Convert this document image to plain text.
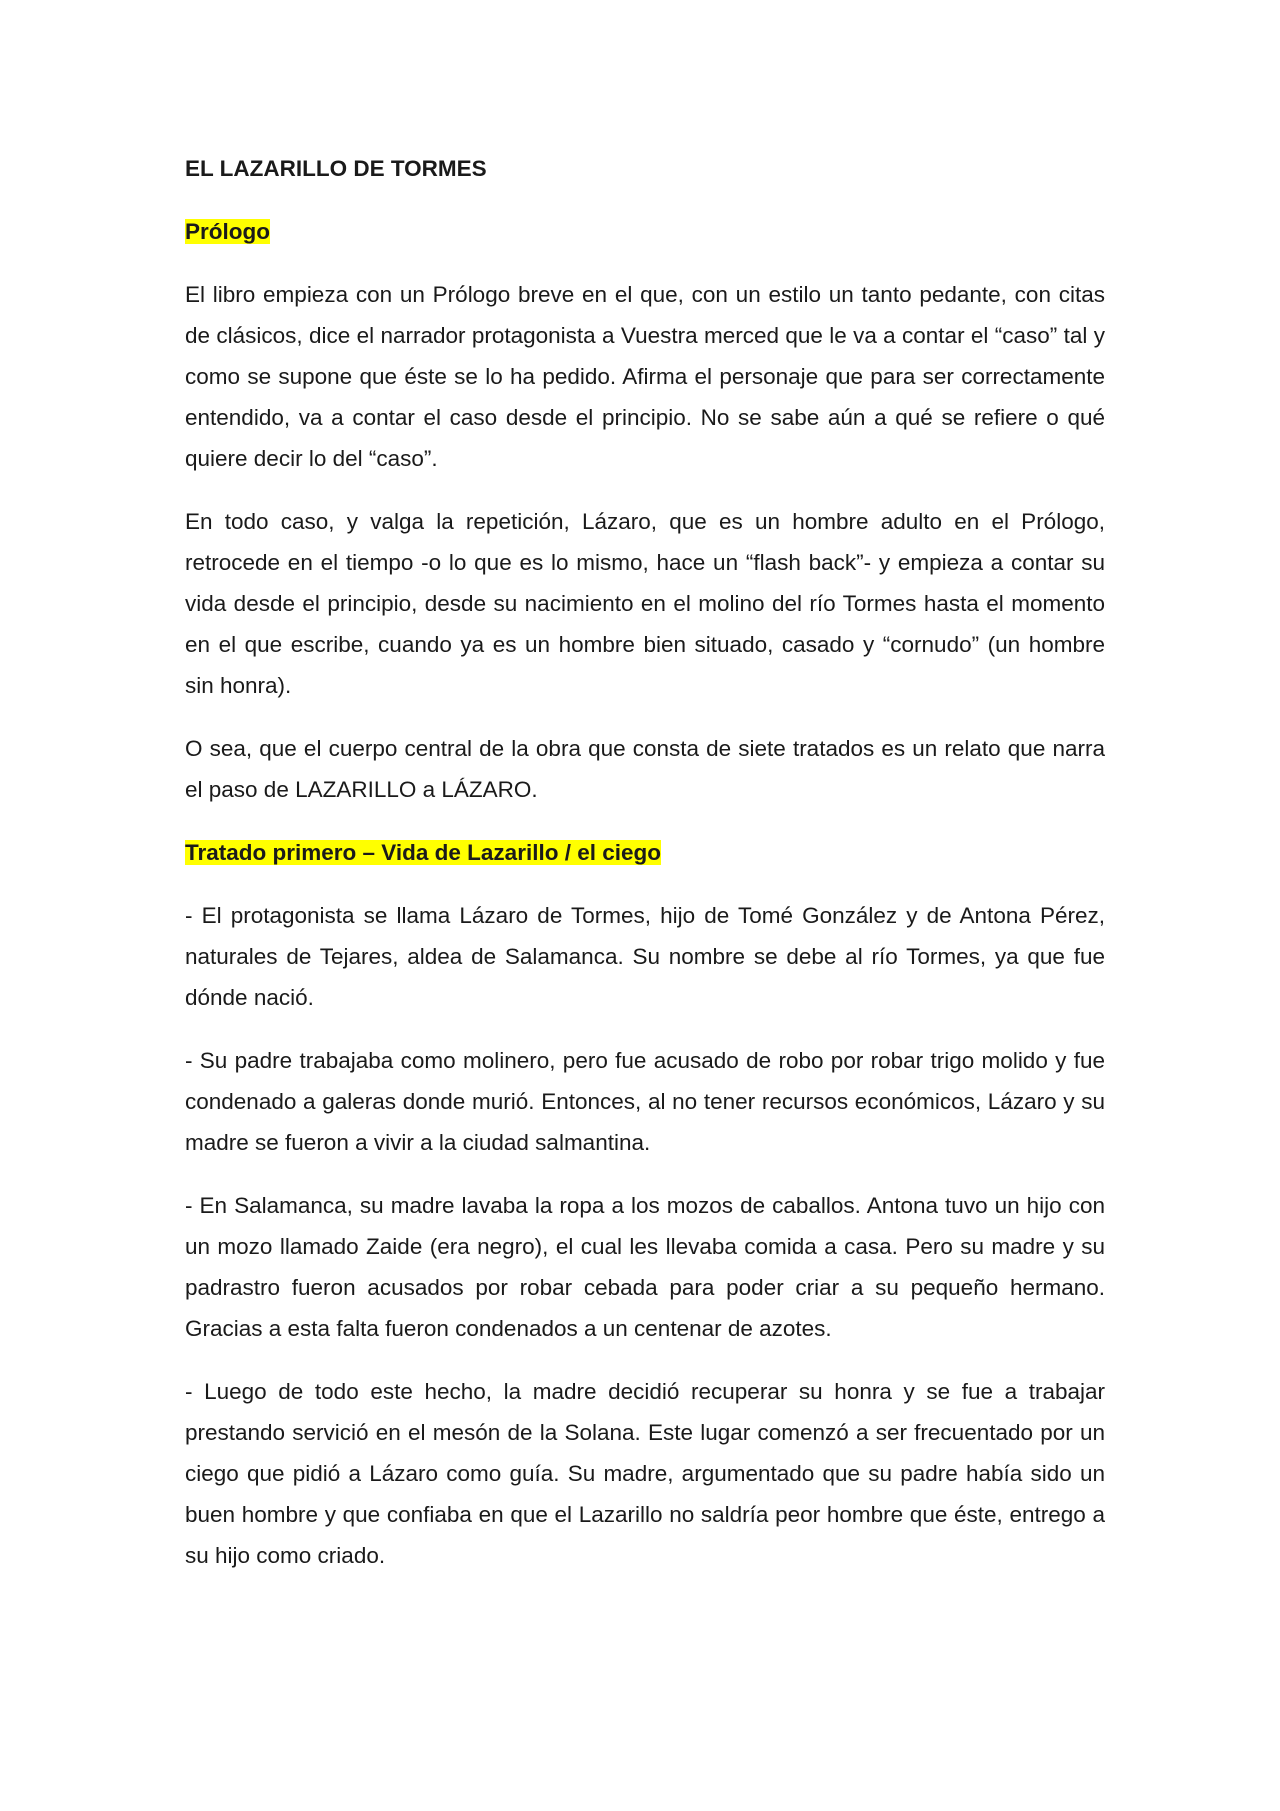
EL LAZARILLO DE TORMES
Prólogo

El libro empieza con un Prólogo breve en el que, con un estilo un tanto pedante, con citas de clásicos, dice el narrador protagonista a Vuestra merced que le va a contar el “caso” tal y como se supone que éste se lo ha pedido. Afirma el personaje que para ser correctamente entendido, va a contar el caso desde el principio. No se sabe aún a qué se refiere o qué quiere decir lo del “caso”.

En todo caso, y valga la repetición, Lázaro, que es un hombre adulto en el Prólogo, retrocede en el tiempo -o lo que es lo mismo, hace un “flash back”- y empieza a contar su vida desde el principio, desde su nacimiento en el molino del río Tormes hasta el momento en el que escribe, cuando ya es un hombre bien situado, casado y “cornudo” (un hombre sin honra).

O sea, que el cuerpo central de la obra que consta de siete tratados es un relato que narra el paso de LAZARILLO a LÁZARO.

Tratado primero – Vida de Lazarillo / el ciego

- El protagonista se llama Lázaro de Tormes, hijo de Tomé González y de Antona Pérez, naturales de Tejares, aldea de Salamanca. Su nombre se debe al río Tormes, ya que fue dónde nació.

- Su padre trabajaba como molinero, pero fue acusado de robo por robar trigo molido y fue condenado a galeras donde murió. Entonces, al no tener recursos económicos, Lázaro y su madre se fueron a vivir a la ciudad salmantina.

- En Salamanca, su madre lavaba la ropa a los mozos de caballos. Antona tuvo un hijo con un mozo llamado Zaide (era negro), el cual les llevaba comida a casa. Pero su madre y su padrastro fueron acusados por robar cebada para poder criar a su pequeño hermano. Gracias a esta falta fueron condenados a un centenar de azotes.

- Luego de todo este hecho, la madre decidió recuperar su honra y se fue a trabajar prestando servició en el mesón de la Solana. Este lugar comenzó a ser frecuentado por un ciego que pidió a Lázaro como guía. Su madre, argumentado que su padre había sido un buen hombre y que confiaba en que el Lazarillo no saldría peor hombre que éste, entrego a su hijo como criado.
